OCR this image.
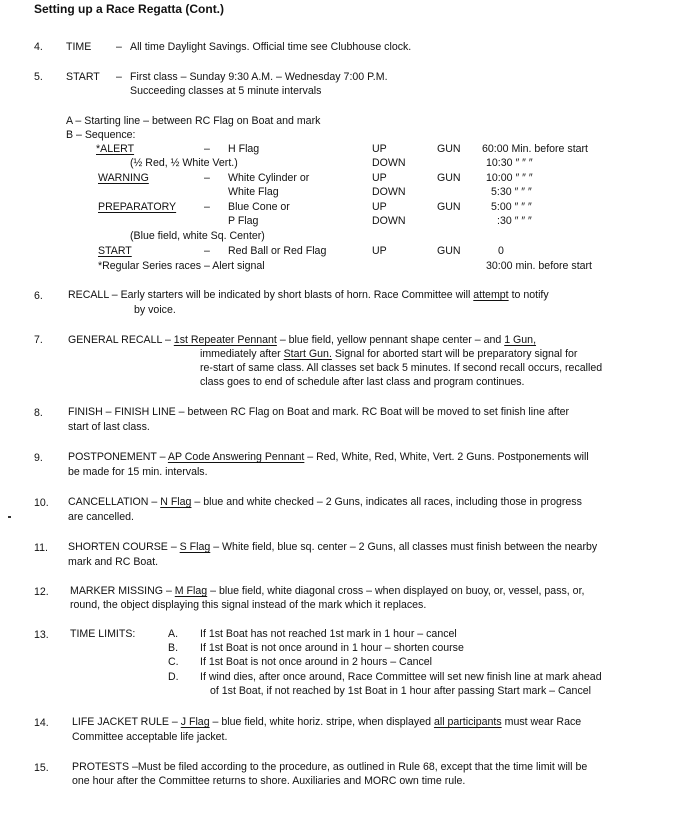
Setting up a Race Regatta (Cont.)
4.	TIME – All time Daylight Savings. Official time see Clubhouse clock.
5.	START – First class – Sunday 9:30 A.M. – Wednesday 7:00 P.M.
Succeeding classes at 5 minute intervals
A – Starting line – between RC Flag on Boat and mark
B – Sequence:
*ALERT	– H Flag	UP	GUN 60:00 Min. before start
(½ Red, ½ White Vert.)	DOWN	10:30 ″ ″ ″
WARNING	– White Cylinder or	UP	GUN 10:00 ″ ″ ″
White Flag	DOWN	5:30 ″ ″ ″
PREPARATORY	– Blue Cone or	UP	GUN	5:00 ″ ″ ″
P Flag	DOWN	:30 ″ ″ ″
(Blue field, white Sq. Center)
START	– Red Ball or Red Flag	UP	GUN	0
*Regular Series races – Alert signal	30:00 min. before start
6.	RECALL – Early starters will be indicated by short blasts of horn. Race Committee will attempt to notify
by voice.
7.	GENERAL RECALL – 1st Repeater Pennant – blue field, yellow pennant shape center – and 1 Gun,
immediately after Start Gun. Signal for aborted start will be preparatory signal for
re-start of same class. All classes set back 5 minutes. If second recall occurs, recalled
class goes to end of schedule after last class and program continues.
8.	FINISH – FINISH LINE – between RC Flag on Boat and mark. RC Boat will be moved to set finish line after
start of last class.
9.	POSTPONEMENT – AP Code Answering Pennant – Red, White, Red, White, Vert. 2 Guns. Postponements will
be made for 15 min. intervals.
10.	CANCELLATION – N Flag – blue and white checked – 2 Guns, indicates all races, including those in progress
are cancelled.
11.	SHORTEN COURSE – S Flag – White field, blue sq. center – 2 Guns, all classes must finish between the nearby
mark and RC Boat.
12.	MARKER MISSING – M Flag – blue field, white diagonal cross – when displayed on buoy, or, vessel, pass, or,
round, the object displaying this signal instead of the mark which it replaces.
13.	TIME LIMITS:	A. If 1st Boat has not reached 1st mark in 1 hour – cancel
B. If 1st Boat is not once around in 1 hour – shorten course
C. If 1st Boat is not once around in 2 hours – Cancel
D. If wind dies, after once around, Race Committee will set new finish line at mark ahead
of 1st Boat, if not reached by 1st Boat in 1 hour after passing Start mark – Cancel
14.	LIFE JACKET RULE – J Flag – blue field, white horiz. stripe, when displayed all participants must wear Race
Committee acceptable life jacket.
15.	PROTESTS –Must be filed according to the procedure, as outlined in Rule 68, except that the time limit will be
one hour after the Committee returns to shore. Auxiliaries and MORC own time rule.
